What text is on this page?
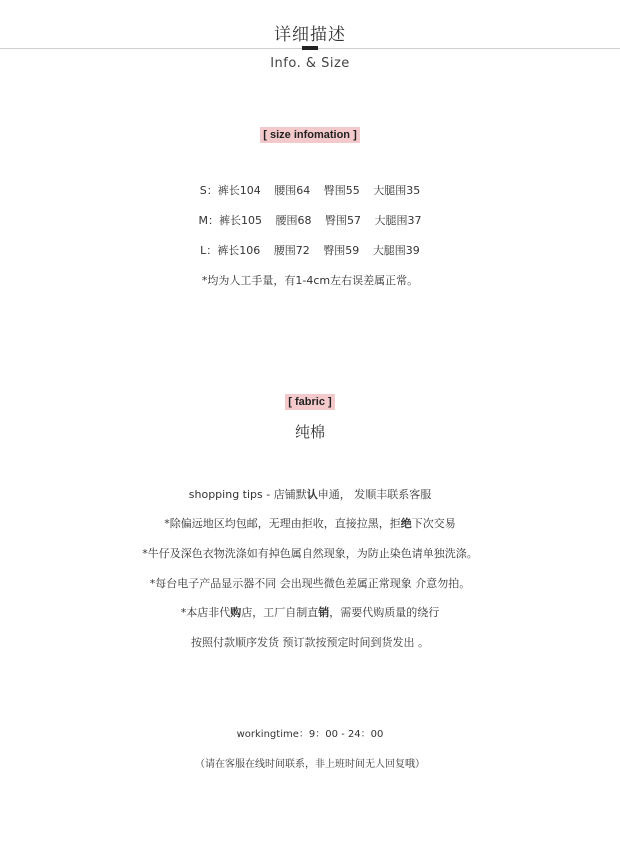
详细描述
Info. & Size
[ size infomation ]
S：裤长104 腰围64 臀围55 大腿围35
M：裤长105 腰围68 臀围57 大腿围37
L：裤长106 腰围72 臀围59 大腿围39
*均为人工手量，有1-4cm左右误差属正常。
[ fabric ]
纯棉
shopping tips - 店铺默认申通， 发顺丰联系客服
*除偏远地区均包邮，无理由拒收，直接拉黑，拒绝下次交易
*牛仔及深色衣物洗涤如有掉色属自然现象，为防止染色请单独洗涤。
*每台电子产品显示器不同 会出现些微色差属正常现象 介意勿拍。
*本店非代购店，工厂自制直销，需要代购质量的绕行
按照付款顺序发货 预订款按预定时间到货发出 。
workingtime：9：00 - 24：00
（请在客服在线时间联系，非上班时间无人回复哦）
